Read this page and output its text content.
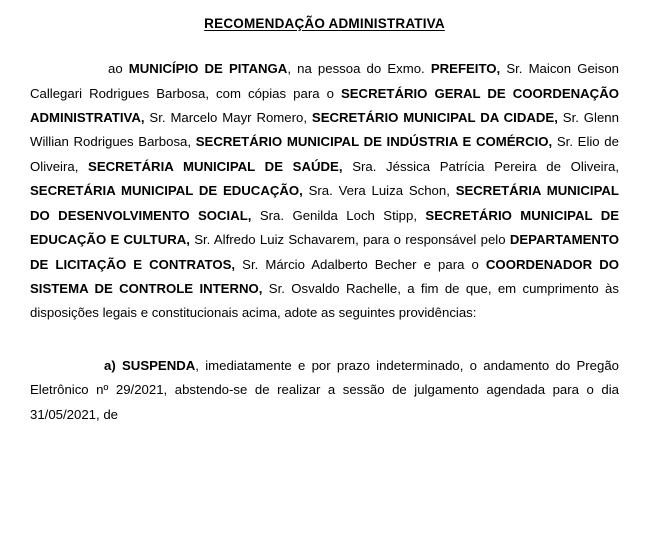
RECOMENDAÇÃO ADMINISTRATIVA

ao MUNICÍPIO DE PITANGA, na pessoa do Exmo. PREFEITO, Sr. Maicon Geison Callegari Rodrigues Barbosa, com cópias para o SECRETÁRIO GERAL DE COORDENAÇÃO ADMINISTRATIVA, Sr. Marcelo Mayr Romero, SECRETÁRIO MUNICIPAL DA CIDADE, Sr. Glenn Willian Rodrigues Barbosa, SECRETÁRIO MUNICIPAL DE INDÚSTRIA E COMÉRCIO, Sr. Elio de Oliveira, SECRETÁRIA MUNICIPAL DE SAÚDE, Sra. Jéssica Patrícia Pereira de Oliveira, SECRETÁRIA MUNICIPAL DE EDUCAÇÃO, Sra. Vera Luiza Schon, SECRETÁRIA MUNICIPAL DO DESENVOLVIMENTO SOCIAL, Sra. Genilda Loch Stipp, SECRETÁRIO MUNICIPAL DE EDUCAÇÃO E CULTURA, Sr. Alfredo Luiz Schavarem, para o responsável pelo DEPARTAMENTO DE LICITAÇÃO E CONTRATOS, Sr. Márcio Adalberto Becher e para o COORDENADOR DO SISTEMA DE CONTROLE INTERNO, Sr. Osvaldo Rachelle, a fim de que, em cumprimento às disposições legais e constitucionais acima, adote as seguintes providências:

a) SUSPENDA, imediatamente e por prazo indeterminado, o andamento do Pregão Eletrônico nº 29/2021, abstendo-se de realizar a sessão de julgamento agendada para o dia 31/05/2021, de
